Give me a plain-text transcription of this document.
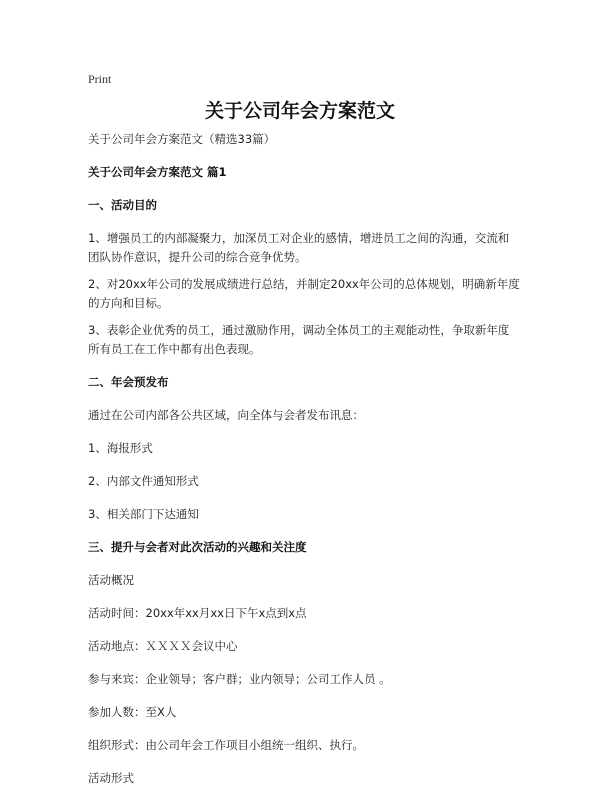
Print
关于公司年会方案范文

关于公司年会方案范文（精选33篇）

关于公司年会方案范文 篇1

一、活动目的

1、增强员工的内部凝聚力，加深员工对企业的感情，增进员工之间的沟通，交流和团队协作意识，提升公司的综合竞争优势。

2、对20xx年公司的发展成绩进行总结，并制定20xx年公司的总体规划，明确新年度的方向和目标。

3、表彰企业优秀的员工，通过激励作用，调动全体员工的主观能动性，争取新年度所有员工在工作中都有出色表现。

二、年会预发布

通过在公司内部各公共区域，向全体与会者发布讯息：

1、海报形式

2、内部文件通知形式

3、相关部门下达通知

三、提升与会者对此次活动的兴趣和关注度

活动概况

活动时间：20xx年xx月xx日下午x点到x点

活动地点：ＸＸＸＸ会议中心

参与来宾：企业领导；客户群；业内领导；公司工作人员 。

参加人数：至X人

组织形式：由公司年会工作项目小组统一组织、执行。

活动形式
